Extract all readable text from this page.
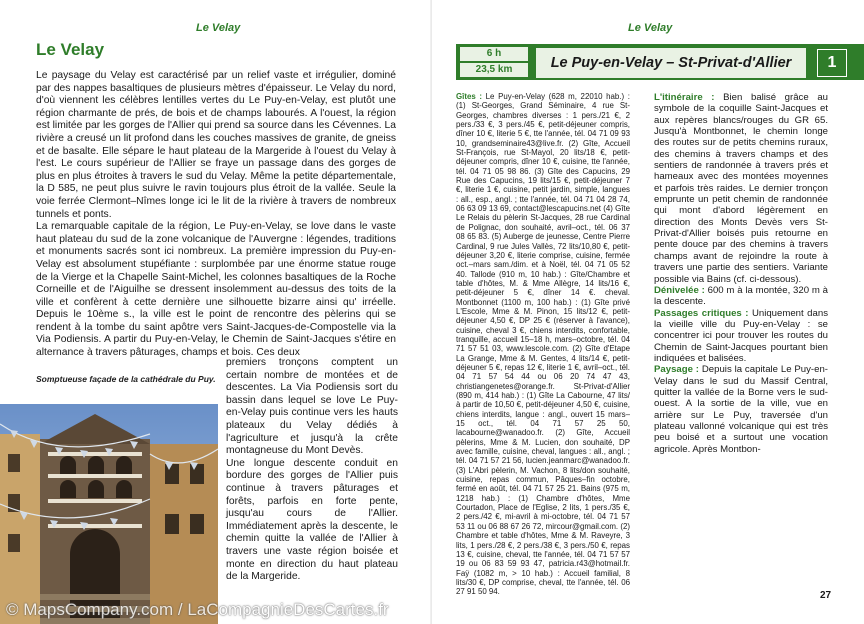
Le Velay
Le Velay

Le paysage du Velay est caractérisé par un relief vaste et irrégulier, dominé par des nappes basaltiques de plusieurs mètres d'épaisseur. Le Velay du nord, d'où viennent les célèbres lentilles vertes du Le Puy-en-Velay, est plutôt une région charmante de prés, de bois et de champs labourés. A l'ouest, la région est limitée par les gorges de l'Allier qui prend sa source dans les Cévennes. La rivière a creusé un lit profond dans les couches massives de granite, de gneiss et de basalte. Elle sépare le haut plateau de la Margeride à l'ouest du Velay à l'est. Le cours supérieur de l'Allier se fraye un passage dans des gorges de plus en plus étroites à travers le sud du Velay. Même la petite départementale, la D 585, ne peut plus suivre le ravin toujours plus étroit de la vallée. Seule la voie ferrée Clermont–Nîmes longe ici le lit de la rivière à travers de nombreux tunnels et ponts.

La remarquable capitale de la région, Le Puy-en-Velay, se love dans le vaste haut plateau du sud de la zone volcanique de l'Auvergne : légendes, traditions et monuments sacrés sont ici nombreux. La première impression du Puy-en-Velay est absolument stupéfiante : surplombée par une énorme statue rouge de la Vierge et la Chapelle Saint-Michel, les colonnes basaltiques de la Roche Corneille et de l'Aiguilhe se dressent insolemment au-dessus des toits de la ville et confèrent à cette dernière une silhouette bizarre ainsi qu' irréelle. Depuis le 10ème s., la ville est le point de rencontre des pèlerins qui se rendent à la tombe du saint apôtre vers Saint-Jacques-de-Compostelle via la Via Podiensis. A partir du Puy-en-Velay, le Chemin de Saint-Jacques s'étire en alternance à travers pâturages, champs et bois. Ces deux

Somptueuse façade de la cathédrale du Puy.

premiers tronçons comptent un certain nombre de montées et de descentes. La Via Podiensis sort du bassin dans lequel se love Le Puy-en-Velay puis continue vers les hauts plateaux du Velay dédiés à l'agriculture et jusqu'à la crête montagneuse du Mont Devès.

Une longue descente conduit en bordure des gorges de l'Allier puis continue à travers pâturages et forêts, parfois en forte pente, jusqu'au cours de l'Allier. Immédiatement après la descente, le chemin quitte la vallée de l'Allier à travers une vaste région boisée et monte en direction du haut plateau de la Margeride.

Le Velay
6 h
23,5 km	Le Puy-en-Velay – St-Privat-d'Allier	1

Gîtes : Le Puy-en-Velay (628 m, 22010 hab.) : (1) St-Georges, Grand Séminaire, 4 rue St-Georges, chambres diverses : 1 pers./21 €, 2 pers./33 €, 3 pers./45 €, petit-déjeuner compris, dîner 10 €, literie 5 €, tte l'année, tél. 04 71 09 93 10, grandseminaire43@live.fr. (2) Gîte, Accueil St-François, rue St-Mayol, 20 lits/18 €, petit-déjeuner compris, dîner 10 €, cuisine, tte l'année, tél. 04 71 05 98 86. (3) Gîte des Capucins, 29 Rue des Capucins, 19 lits/15 €, petit-déjeuner 7 €, literie 1 €, cuisine, petit jardin, simple, langues : all., esp., angl. ; tte l'année, tél. 04 71 04 28 74, 06 63 09 13 69, contact@lescapucins.net (4) Gîte Le Relais du pèlerin St-Jacques, 28 rue Cardinal de Polignac, don souhaité, avril–oct., tél. 06 37 08 65 83. (5) Auberge de jeunesse, Centre Pierre Cardinal, 9 rue Jules Vallès, 72 lits/10,80 €, petit-déjeuner 3,20 €, literie comprise, cuisine, fermée oct.–mars sam./dim. et à Noël, tél. 04 71 05 52 40. Tallode (910 m, 10 hab.) : Gîte/Chambre et table d'hôtes, M. & Mme Allègre, 14 lits/16 €, petit-déjeuner 5 €, dîner 14 €. cheval. Montbonnet (1100 m, 100 hab.) : (1) Gîte privé L'Escole, Mme & M. Pinon, 15 lits/12 €, petit-déjeuner 4,50 €, DP 25 € (réserver à l'avance), cuisine, cheval 3 €, chiens interdits, confortable, tranquille, accueil 15–18 h, mars–octobre, tél. 04 71 57 51 03, www.lescole.com. (2) Gîte d'Etape La Grange, Mme & M. Gentes, 4 lits/14 €, petit-déjeuner 5 €, repas 12 €, literie 1 €, avril–oct., tél. 04 71 57 54 44 ou 06 20 74 47 43, christiangenetes@orange.fr. St-Privat-d'Allier (890 m, 414 hab.) : (1) Gîte La Cabourne, 47 lits/à partir de 10,50 €, petit-déjeuner 4,50 €, cuisine, chiens interdits, langue : angl., ouvert 15 mars–15 oct., tél. 04 71 57 25 50, lacabourne@wanadoo.fr. (2) Gîte, Accueil pèlerins, Mme & M. Lucien, don souhaité, DP avec famille, cuisine, cheval, langues : all., angl. ; tél. 04 71 57 21 56, lucien.jeanmarc@wanadoo.fr. (3) L'Abri pèlerin, M. Vachon, 8 lits/don souhaité, cuisine, repas commun, Pâques–fin octobre, fermé en août, tél. 04 71 57 25 21. Bains (975 m, 1218 hab.) : (1) Chambre d'hôtes, Mme Courtadon, Place de l'Eglise, 2 lits, 1 pers./35 €, 2 pers./42 €, mi-avril à mi-octobre, tél. 04 71 57 53 11 ou 06 88 67 26 72, mircour@gmail.com. (2) Chambre et table d'hôtes, Mme & M. Raveyre, 3 lits, 1 pers./28 €, 2 pers./38 €, 3 pers./50 €, repas 13 €, cuisine, cheval, tte l'année, tél. 04 71 57 57 19 ou 06 83 59 93 47, patricia.r43@hotmail.fr. Faÿ (1082 m, > 10 hab.) : Accueil familial, 8 lits/30 €, DP comprise, cheval, tte l'année, tél. 06 27 91 50 94.

L'itinéraire : Bien balisé grâce au symbole de la coquille Saint-Jacques et aux repères blancs/rouges du GR 65. Jusqu'à Montbonnet, le chemin longe des routes sur de petits chemins ruraux, des chemins à travers champs et des sentiers de randonnée à travers prés et hameaux avec des montées moyennes et parfois très raides. Le dernier tronçon emprunte un petit chemin de randonnée qui mont d'abord légèrement en direction des Monts Devès vers St-Privat-d'Allier boisés puis retourne en pente douce par des chemins à travers champs avant de rejoindre la route à travers une partie des sentiers. Variante possible via Bains (cf. ci-dessous).

Dénivelée : 600 m à la montée, 320 m à la descente.

Passages critiques : Uniquement dans la vieille ville du Puy-en-Velay : se concentrer ici pour trouver les routes du Chemin de Saint-Jacques pourtant bien indiquées et balisées.

Paysage : Depuis la capitale Le Puy-en-Velay dans le sud du Massif Central, quitter la vallée de la Borne vers le sud-ouest. A la sortie de la ville, vue en arrière sur Le Puy, traversée d'un plateau vallonné volcanique qui est très peu boisé et a surtout une vocation agricole. Après Montbon-

27
© MapsCompany.com / LaCompagnieDesCartes.fr
